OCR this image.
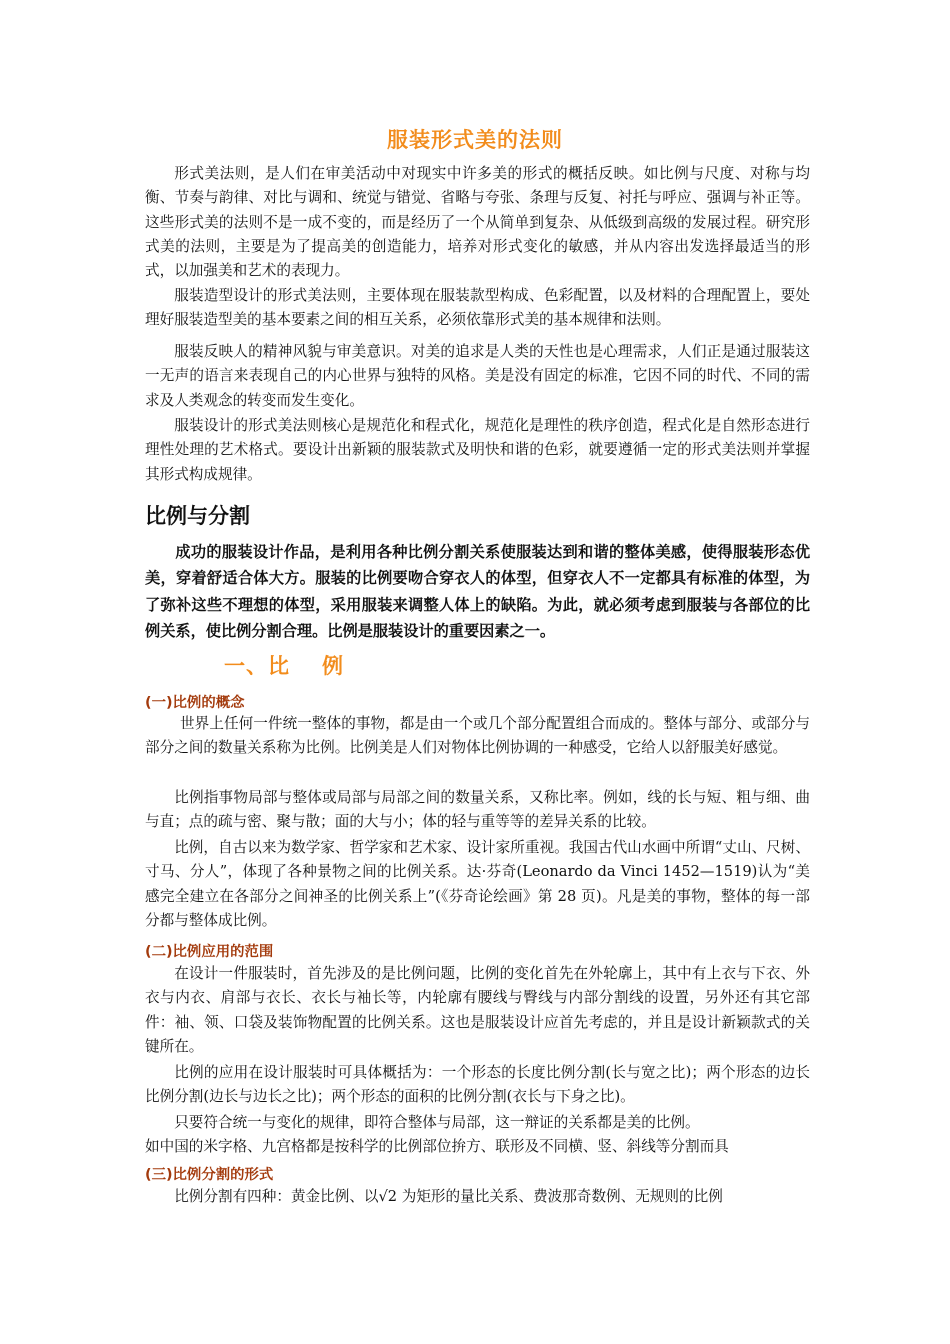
服装形式美的法则
形式美法则，是人们在审美活动中对现实中许多美的形式的概括反映。如比例与尺度、对称与均衡、节奏与韵律、对比与调和、统觉与错觉、省略与夸张、条理与反复、衬托与呼应、强调与补正等。这些形式美的法则不是一成不变的，而是经历了一个从简单到复杂、从低级到高级的发展过程。研究形式美的法则，主要是为了提高美的创造能力，培养对形式变化的敏感，并从内容出发选择最适当的形式，以加强美和艺术的表现力。
服装造型设计的形式美法则，主要体现在服装款型构成、色彩配置，以及材料的合理配置上，要处理好服装造型美的基本要素之间的相互关系，必须依靠形式美的基本规律和法则。
服装反映人的精神风貌与审美意识。对美的追求是人类的天性也是心理需求，人们正是通过服装这一无声的语言来表现自己的内心世界与独特的风格。美是没有固定的标准，它因不同的时代、不同的需求及人类观念的转变而发生变化。
服装设计的形式美法则核心是规范化和程式化，规范化是理性的秩序创造，程式化是自然形态进行理性处理的艺术格式。要设计出新颖的服装款式及明快和谐的色彩，就要遵循一定的形式美法则并掌握其形式构成规律。
比例与分割
成功的服装设计作品，是利用各种比例分割关系使服装达到和谐的整体美感，使得服装形态优美，穿着舒适合体大方。服装的比例要吻合穿衣人的体型，但穿衣人不一定都具有标准的体型，为了弥补这些不理想的体型，采用服装来调整人体上的缺陷。为此，就必须考虑到服装与各部位的比例关系，使比例分割合理。比例是服装设计的重要因素之一。
一、比 例
(一)比例的概念
世界上任何一件统一整体的事物，都是由一个或几个部分配置组合而成的。整体与部分、或部分与部分之间的数量关系称为比例。比例美是人们对物体比例协调的一种感受，它给人以舒服美好感觉。
比例指事物局部与整体或局部与局部之间的数量关系，又称比率。例如，线的长与短、粗与细、曲与直；点的疏与密、聚与散；面的大与小；体的轻与重等等的差异关系的比较。
比例，自古以来为数学家、哲学家和艺术家、设计家所重视。我国古代山水画中所谓“丈山、尺树、寸马、分人”，体现了各种景物之间的比例关系。达·芬奇(Leonardo da Vinci 1452—1519)认为“美感完全建立在各部分之间神圣的比例关系上”(《芬奇论绘画》第 28 页)。凡是美的事物，整体的每一部分都与整体成比例。
(二)比例应用的范围
在设计一件服装时，首先涉及的是比例问题，比例的变化首先在外轮廓上，其中有上衣与下衣、外衣与内衣、肩部与衣长、衣长与袖长等，内轮廓有腰线与臀线与内部分割线的设置，另外还有其它部件：袖、领、口袋及装饰物配置的比例关系。这也是服装设计应首先考虑的，并且是设计新颖款式的关键所在。
比例的应用在设计服装时可具体概括为：一个形态的长度比例分割(长与宽之比)；两个形态的边长比例分割(边长与边长之比)；两个形态的面积的比例分割(衣长与下身之比)。
只要符合统一与变化的规律，即符合整体与局部，这一辩证的关系都是美的比例。
如中国的米字格、九宫格都是按科学的比例部位拚方、联形及不同横、竖、斜线等分割而具
(三)比例分割的形式
比例分割有四种：黄金比例、以√2 为矩形的量比关系、费波那奇数例、无规则的比例
